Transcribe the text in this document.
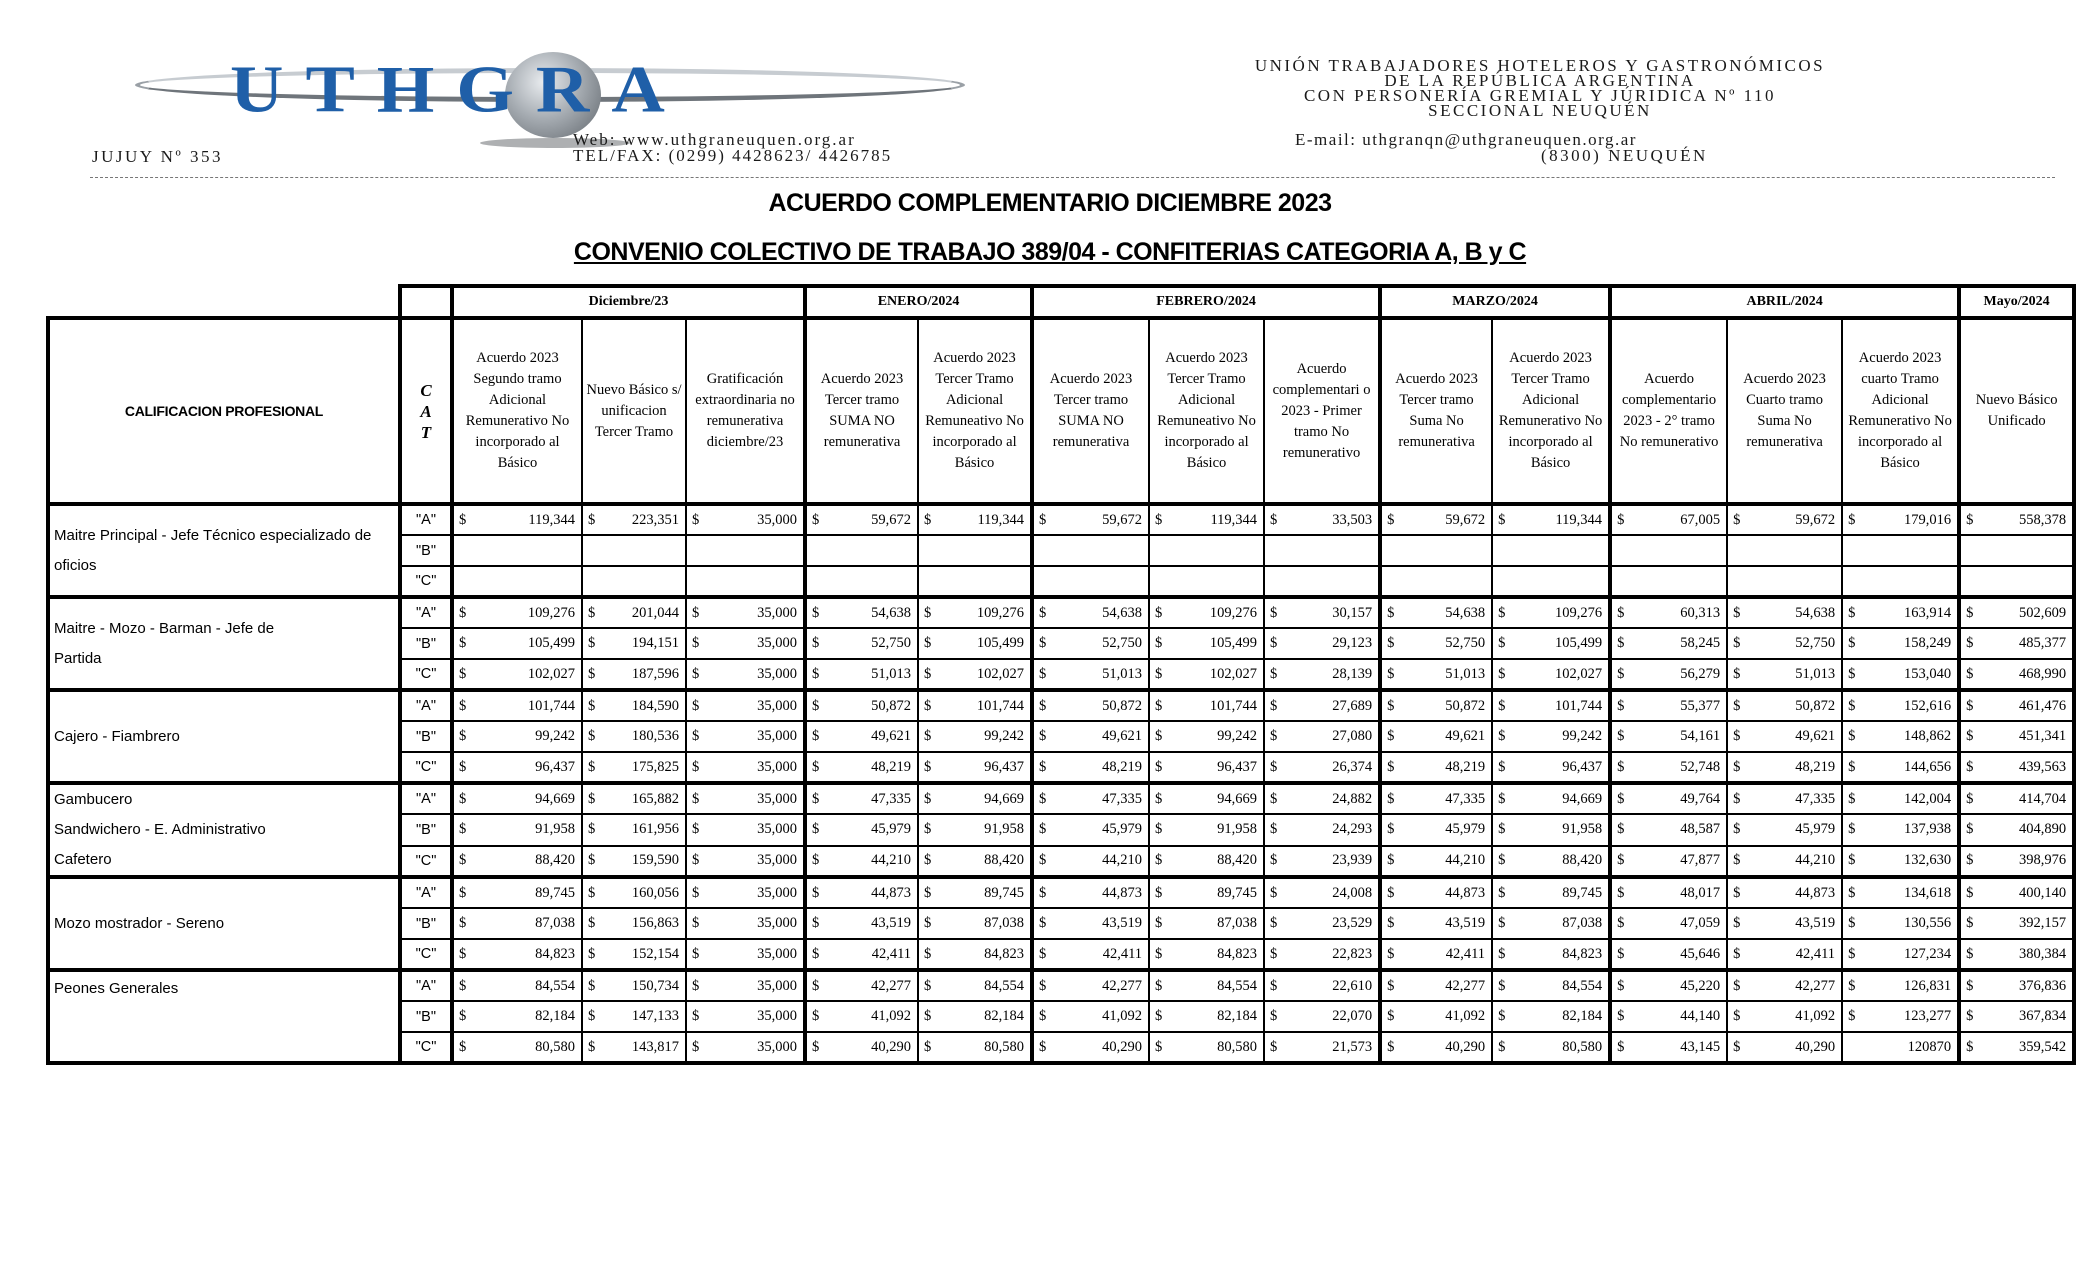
UTHGRA	UNIÓN TRABAJADORES HOTELEROS Y GASTRONÓMICOS
DE LA REPÚBLICA ARGENTINA
CON PERSONERÍA GREMIAL Y JÚRIDICA Nº 110
SECCIONAL NEUQUÉN
JUJUY Nº 353
Web: www.uthgraneuquen.org.ar
TEL/FAX: (0299) 4428623/ 442678​5
E-mail: uthgranqn@uthgraneuquen.org.ar
(8300) NEUQUÉN
ACUERDO COMPLEMENTARIO DICIEMBRE 2023
CONVENIO COLECTIVO DE TRABAJO 389/04 - CONFITERIAS CATEGORIA A, B y C
		Diciembre/23			ENERO/2024		FEBRERO/2024			MARZO/2024		ABRIL/2024			Mayo/2024
CALIFICACION PROFESIONAL	C
A
T	Acuerdo 2023 Segundo tramo Adicional Remunerativo No incorporado al Básico	Nuevo Básico s/ unificacion Tercer Tramo	Gratificación extraordinaria no remunerativa diciembre/23	Acuerdo 2023 Tercer tramo SUMA NO remunerativa	Acuerdo 2023 Tercer Tramo Adicional Remuneativo No incorporado al Básico	Acuerdo 2023 Tercer tramo SUMA NO remunerativa	Acuerdo 2023 Tercer Tramo Adicional Remuneativo No incorporado al Básico	Acuerdo complementari o 2023 - Primer tramo No remunerativo	Acuerdo 2023 Tercer tramo Suma No remunerativa	Acuerdo 2023 Tercer Tramo Adicional Remunerativo No incorporado al Básico	Acuerdo complementario 2023 - 2° tramo No remunerativo	Acuerdo 2023 Cuarto tramo Suma No remunerativa	Acuerdo 2023 cuarto Tramo Adicional Remunerativo No incorporado al Básico	Nuevo Básico Unificado

Maitre Principal - Jefe Técnico especializado de oficios	"A"	$ 119,344	$ 223,351	$ 35,000	$ 59,672	$ 119,344	$ 59,672	$ 119,344	$ 33,503	$ 59,672	$ 119,344	$ 67,005	$ 59,672	$ 179,016	$ 558,378

	"B"														
	"C"														

Maitre - Mozo - Barman - Jefe de
Partida
	"A"	$	109,276	$	201,044	$	35,000	$	54,638	$	109,276	$	54,638	$	109,276	$	30,157	$	54,638	$	109,276	$	60,313	$	54,638	$	163,914	$	502,609

	"B"	$ 105,499	$ 194,151	$ 35,000	$ 52,750	$ 105,499	$ 52,750	$ 105,499	$ 29,123	$ 52,750	$ 105,499	$ 58,245	$ 52,750	$ 158,249	$ 485,377

	"C"	$ 102,027	$ 187,596	$ 35,000	$ 51,013	$ 102,027	$ 51,013	$ 102,027	$ 28,139	$ 51,013	$ 102,027	$ 56,279	$ 51,013	$ 153,040	$ 468,990

Cajero - Fiambrero	"A"	$ 101,744	$ 184,590	$ 35,000	$ 50,872	$ 101,744	$ 50,872	$ 101,744	$ 27,689	$ 50,872	$ 101,744	$ 55,377	$ 50,872	$ 152,616	$ 461,476

	"B"	$ 99,242	$ 180,536	$ 35,000	$ 49,621	$ 99,242	$ 49,621	$ 99,242	$ 27,080	$ 49,621	$ 99,242	$ 54,161	$ 49,621	$ 148,862	$ 451,341

	"C"	$ 96,437	$ 175,825	$ 35,000	$ 48,219	$ 96,437	$ 48,219	$ 96,437	$ 26,374	$ 48,219	$ 96,437	$ 52,748	$ 48,219	$ 144,656	$ 439,563

Gambucero
Sandwichero - E. Administrativo
Cafetero
	"A"	$	94,669	$	165,882	$	35,000	$	47,335	$	94,669	$	47,335	$	94,669	$	24,882	$	47,335	$	94,669	$	49,764	$	47,335	$	142,004	$	414,704

	"B"	$ 91,958	$ 161,956	$ 35,000	$ 45,979	$ 91,958	$ 45,979	$ 91,958	$ 24,293	$ 45,979	$ 91,958	$ 48,587	$ 45,979	$ 137,938	$ 404,890

	"C"	$ 88,420	$ 159,590	$ 35,000	$ 44,210	$ 88,420	$ 44,210	$ 88,420	$ 23,939	$ 44,210	$ 88,420	$ 47,877	$ 44,210	$ 132,630	$ 398,976

Mozo mostrador - Sereno	"A"	$ 89,745	$ 160,056	$ 35,000	$ 44,873	$ 89,745	$ 44,873	$ 89,745	$ 24,008	$ 44,873	$ 89,745	$ 48,017	$ 44,873	$ 134,618	$ 400,140

	"B"	$ 87,038	$ 156,863	$ 35,000	$ 43,519	$ 87,038	$ 43,519	$ 87,038	$ 23,529	$ 43,519	$ 87,038	$ 47,059	$ 43,519	$ 130,556	$ 392,157

	"C"	$ 84,823	$ 152,154	$ 35,000	$ 42,411	$ 84,823	$ 42,411	$ 84,823	$ 22,823	$ 42,411	$ 84,823	$ 45,646	$ 42,411	$ 127,234	$ 380,384

Peones Generales	"A"	$ 84,554	$ 150,734	$ 35,000	$ 42,277	$ 84,554	$ 42,277	$ 84,554	$ 22,610	$ 42,277	$ 84,554	$ 45,220	$ 42,277	$ 126,831	$ 376,836

	"B"	$ 82,184	$ 147,133	$ 35,000	$ 41,092	$ 82,184	$ 41,092	$ 82,184	$ 22,070	$ 41,092	$ 82,184	$ 44,140	$ 41,092	$ 123,277	$ 367,834

	"C"	$ 80,580	$ 143,817	$ 35,000	$ 40,290	$ 80,580	$ 40,290	$ 80,580	$ 21,573	$ 40,290	$ 80,580	$ 43,145	$ 40,290	120870	$ 359,542
